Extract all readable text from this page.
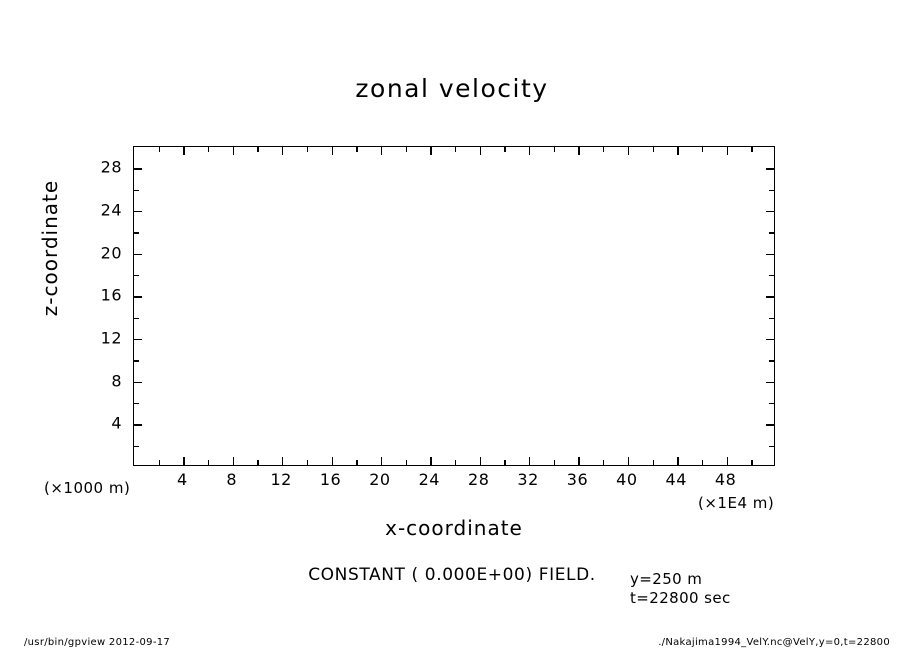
zonal velocity
4 8 12 16 20 24 28 32 36 40 44 48
4
8
12
16
20
24
28
x-coordinate
z-coordinate
(×1000 m)
(×1E4 m)
CONSTANT ( 0.000E+00) FIELD.	y=250 m
t=22800 sec
/usr/bin/gpview 2012-09-17	./Nakajima1994_VelY.nc@VelY,y=0,t=22800
